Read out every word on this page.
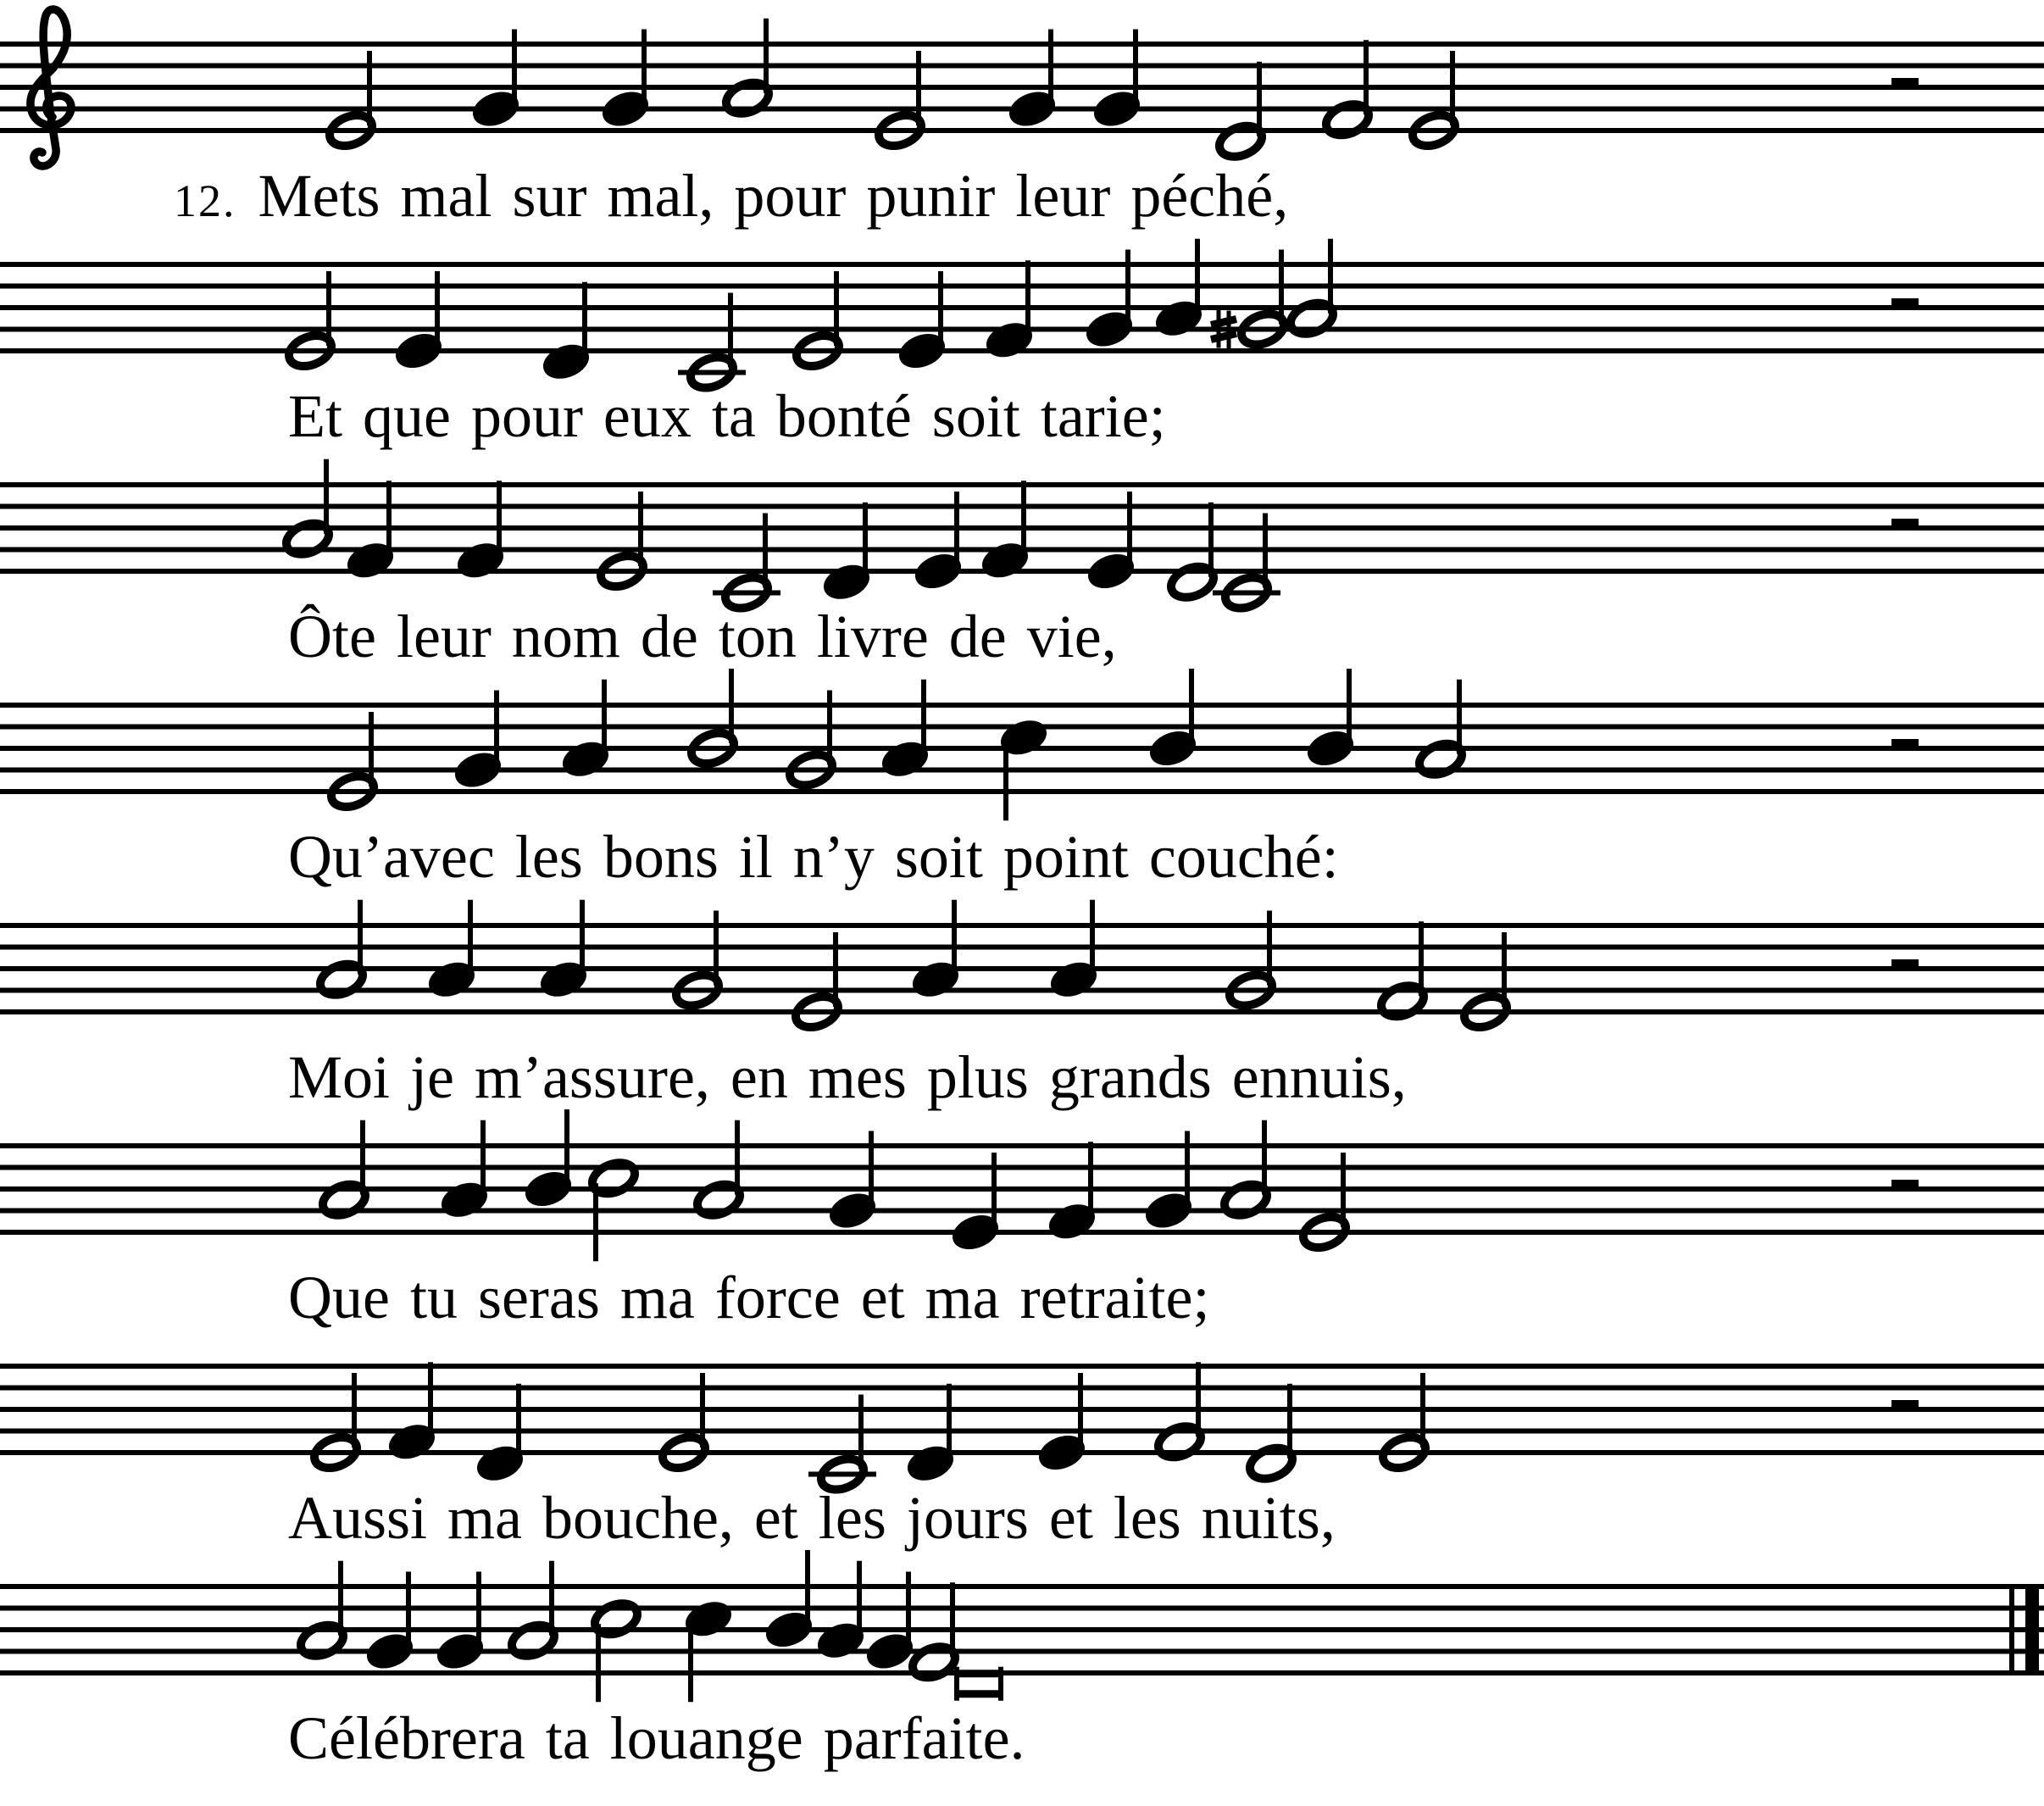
12. Mets mal sur mal, pour punir leur péché,
Et que pour eux ta bonté soit tarie;
Ôte leur nom de ton livre de vie,
Qu’avec les bons il n’y soit point couché:
Moi je m’assure, en mes plus grands ennuis,
Que tu seras ma force et ma retraite;
Aussi ma bouche, et les jours et les nuits,
Célébrera ta louange parfaite.
